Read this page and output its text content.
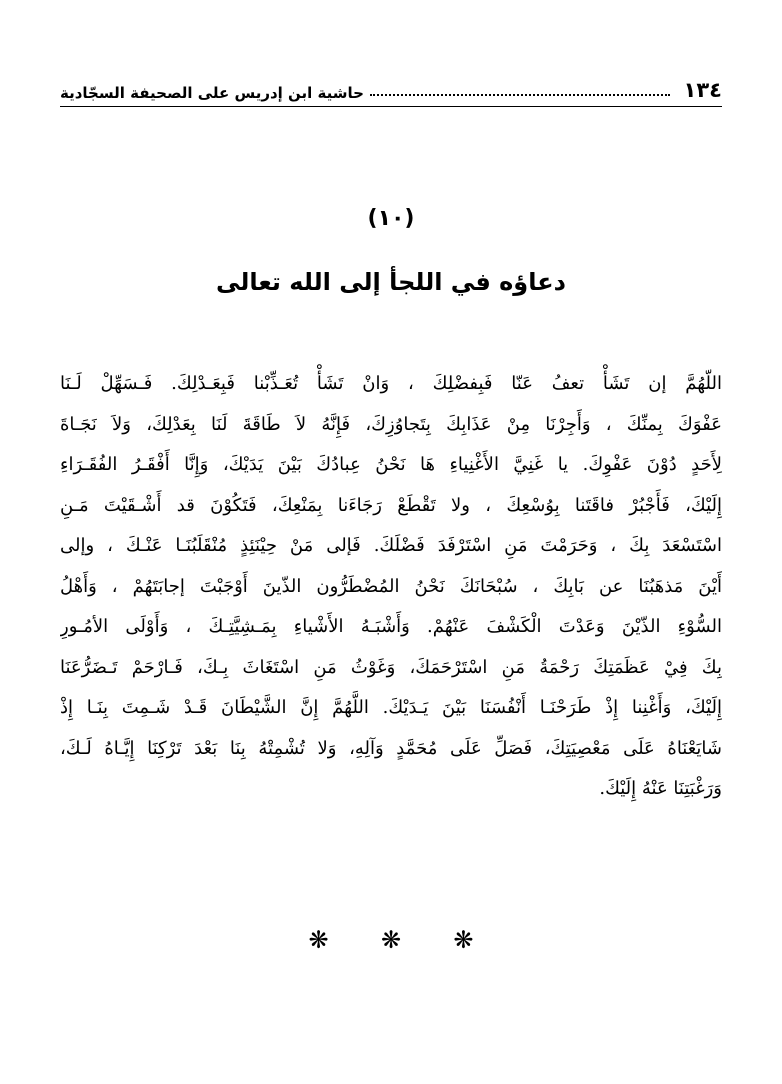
١٣٤
حاشية ابن إدريس على الصحيفة السجّادية
(١٠)
دعاؤه في اللجأ إلى الله تعالى
اللّهُمَّ إن تَشَأْ تعفُ عَنّا فَبِفضْلِكَ ، وَانْ تَشَأْ تُعَـذِّبْنا فَبِعَـدْلِكَ. فَـسَهِّلْ لَـنَا
عَفْوَكَ بِمنِّكَ ، وَأَجِرْنَا مِنْ عَذَابِكَ بِتَجاوُزِكَ، فَإِنَّهُ لاَ طَاقَةَ لَنَا بِعَدْلِكَ، وَلاَ نَجَـاةَ
لِأَحَدٍ دُوْنَ عَفْوِكَ. يا غَنِيَّ الأَغْنِياءِ هَا نَحْنُ عِبادُكَ بَيْنَ يَدَيْكَ، وَإِنَّا أَفْقَـرُ الفُقَـرَاءِ
إِلَيْكَ، فَأَجْبُرْ فاقَتَنا بِوُسْعِكَ ، ولا تَقْطَعْ رَجَاءَنا بِمَنْعِكَ، فَتَكُوْنَ قد أَشْـقَيْتَ مَـنِ
اسْتَسْعَدَ بِكَ ، وَحَرَمْتَ مَنِ اسْتَرْفَدَ فَضْلَكَ. فَإلى مَنْ حِيْنَئِذٍ مُنْقَلَبُنَـا عَنْـكَ ، وإلى
أَيْنَ مَذهَبُنَا عن بَابِكَ ، سُبْحَانَكَ نَحْنُ المُضْطَرُّون الذّينَ أَوْجَبْتَ إجابَتَهُمْ ، وَأَهْلُ
السُّوْءِ الذّيْنَ وَعَدْتَ الْكَشْفَ عَنْهُمْ. وَأَشْبَـهُ الأَشْياءِ بِمَـشِيَّتِـكَ ، وَأَوْلَى الأمُـورِ
بِكَ فِيْ عَظَمَتِكَ رَحْمَةُ مَنِ اسْتَرْحَمَكَ، وَغَوْثُ مَنِ اسْتَغَاثَ بِـكَ، فَـارْحَمْ تَـضَرُّعَنَا
إِلَيْكَ، وَأَغْنِنا إِذْ طَرَحْنَـا أَنْفُسَنَا بَيْنَ يَـدَيْكَ. اللَّهُمَّ إِنَّ الشَّيْطَانَ قَـدْ شَـمِتَ بِنَـا إِذْ
شَايَعْنَاهُ عَلَى مَعْصِيَتِكَ، فَصَلِّ عَلَى مُحَمَّدٍ وَآلِهِ، وَلا تُشْمِتْهُ بِنَا بَعْدَ تَرْكِنَا إِيَّـاهُ لَـكَ،
وَرَغْبَتِنَا عَنْهُ إِلَيْكَ.
❋ ❋ ❋
